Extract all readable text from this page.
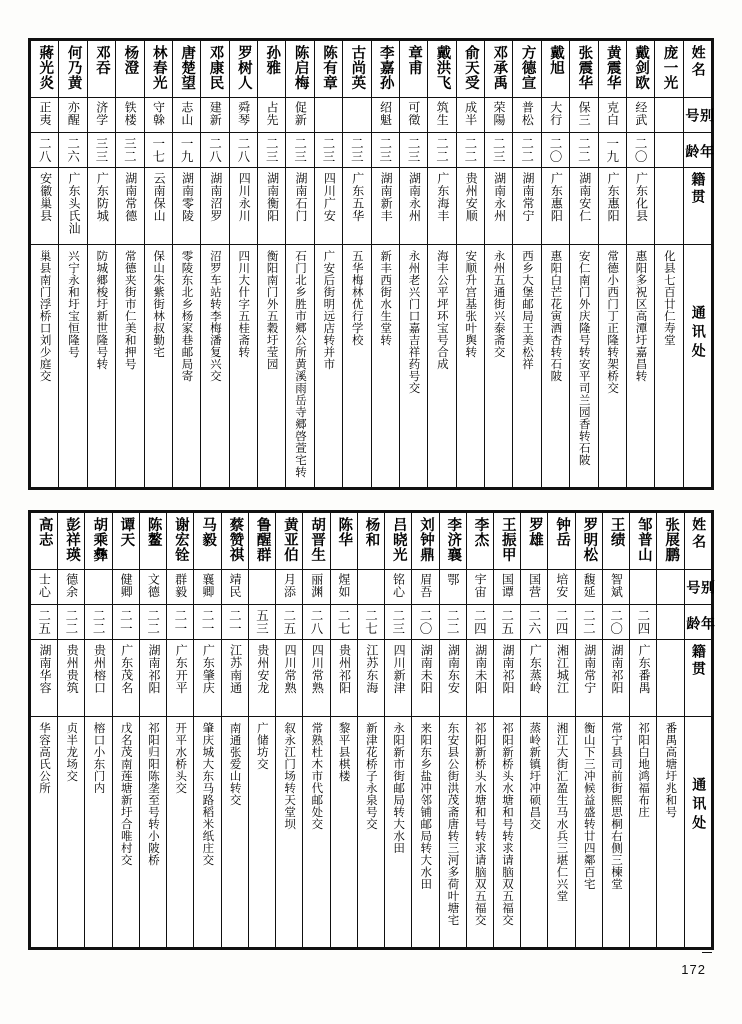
蔣光炎	何乃黄	邓吞	杨澄	林春光	唐楚望	邓康民	罗树人	孙雅	陈启梅	陈有章	古尚英	李嘉孙	章甫	戴洪飞	俞天受	邓承禹	方德宣	戴旭	张震华	黄震华	戴剑欧	庞一光	姓名

正夷	亦醒	济学	铁楼	守榦	志山	建新	舜琴	占先	促新			绍魁	可徵	筑生	成半	荣陽	普松	大行	保三	克白	经武		别号

二八	二六	三三	三二	一七	一九	二八	二八	二三	二三	二三	二三	二三	二三	二二	二二	二三	二二	二〇	二二	一九	二〇		年龄

安徽巢县	广东头氏汕	广东防城	湖南常德	云南保山	湖南零陵	湖南沼罗	四川永川	湖南衡阳	湖南石门	四川广安	广东五华	湖南新丰	湖南永州	广东海丰	贵州安顺	湖南永州	湖南常宁	广东惠阳	湖南安仁	广东惠阳	广东化县		籍贯

巢县南门浮桥口刘少庭交	兴宁永和圩宝恒隆号	防城郷梭圩新世隆号转	常德夹街市仁美和押号	保山朱紫街林叔勤宅	零陵东北乡杨家巷邮局寄	沼罗车站转李梅潘复兴交	四川大什字五桂斋转	衡阳南门外五穀圩莹园	石门北乡胜市郷公所黄溪雨岳寺郷啓萱宅转	广安后街明远店转并市	五华梅林优行学校	新丰西街水生堂转	永州老兴门口嘉吉祥药号交	海丰公平坪环宝号合成	安顺升宫基张叶舆转	永州五通街兴泰斋交	西乡大堡邮局王美松祥	惠阳白芒花寅酒杏转石陂	安仁南门外庆隆号转安平司兰园香转石陂	常德小西门丁正隆转架桥交	惠阳多祝区高潭圩嘉昌转	化县七百廿仁寿堂	通讯处
高志	彭祥瑛	胡乘彝	谭天	陈鳌	谢宏铨	马毅	蔡赞祺	鲁醒群	黄亚伯	胡晋生	陈华	杨和	吕晓光	刘钟鼎	李济襄	李杰	王振甲	罗雄	钟岳	罗明松	王绩	邹普山	张展鹏	姓名

士心	德余		健卿	文德	群毅	襄卿	靖民		月添	丽渊	煋如		铭心	眉吾	鄂	宇宙	国谭	国营	培安	馥延	智斌			别号

二五	二二	二二	二一	二二	二一	二一	二一	五三	二五	二八	二七	二七	二三	二〇	二二	二四	二五	二六	二四	二二	二〇	二四		年龄

湖南华容	贵州贵筑	贵州榕口	广东茂名	湖南祁阳	广东开平	广东肇庆	江苏南通	贵州安龙	四川常熟	四川常熟	贵州祁阳	江苏东海	四川新津	湖南未阳	湖南东安	湖南未阳	湖南祁阳	广东蒸岭	湘江城江	湖南常宁	湖南祁阳	广东番禺		籍贯

华容高氏公所	贞半龙场交	榕口小东门内	戊名茂南莲塘新圩合唯村交	祁阳归阳陈垄至号转小陂桥	开平水桥头交	肇庆城大东马路稻米纸庄交	南通张爱山转交	广储坊交	叙永江门场转天堂坝	常熟杜木市代邮处交	黎平县棋楼	新津花桥子永泉号交	永阳新市街邮局转大水田	来阳东乡盐冲邻铺邮局转大水田	东安县公街洪茂斋唐转三河多荷叶塘宅	祁阳新桥头水塘和号转求请脑双五福交	祁阳新桥头水塘和号转求请脑双五福交	蒸岭新镇圩冲硕昌交	湘江大街汇盈生马水兵三堪仁兴堂	衡山下三冲候益盛转廿四鄰百宅	常宁县司前街熙思桐右侧三楝堂	祁阳白地鸿福布庄	番禺高塘圩兆和号	通讯处
172
